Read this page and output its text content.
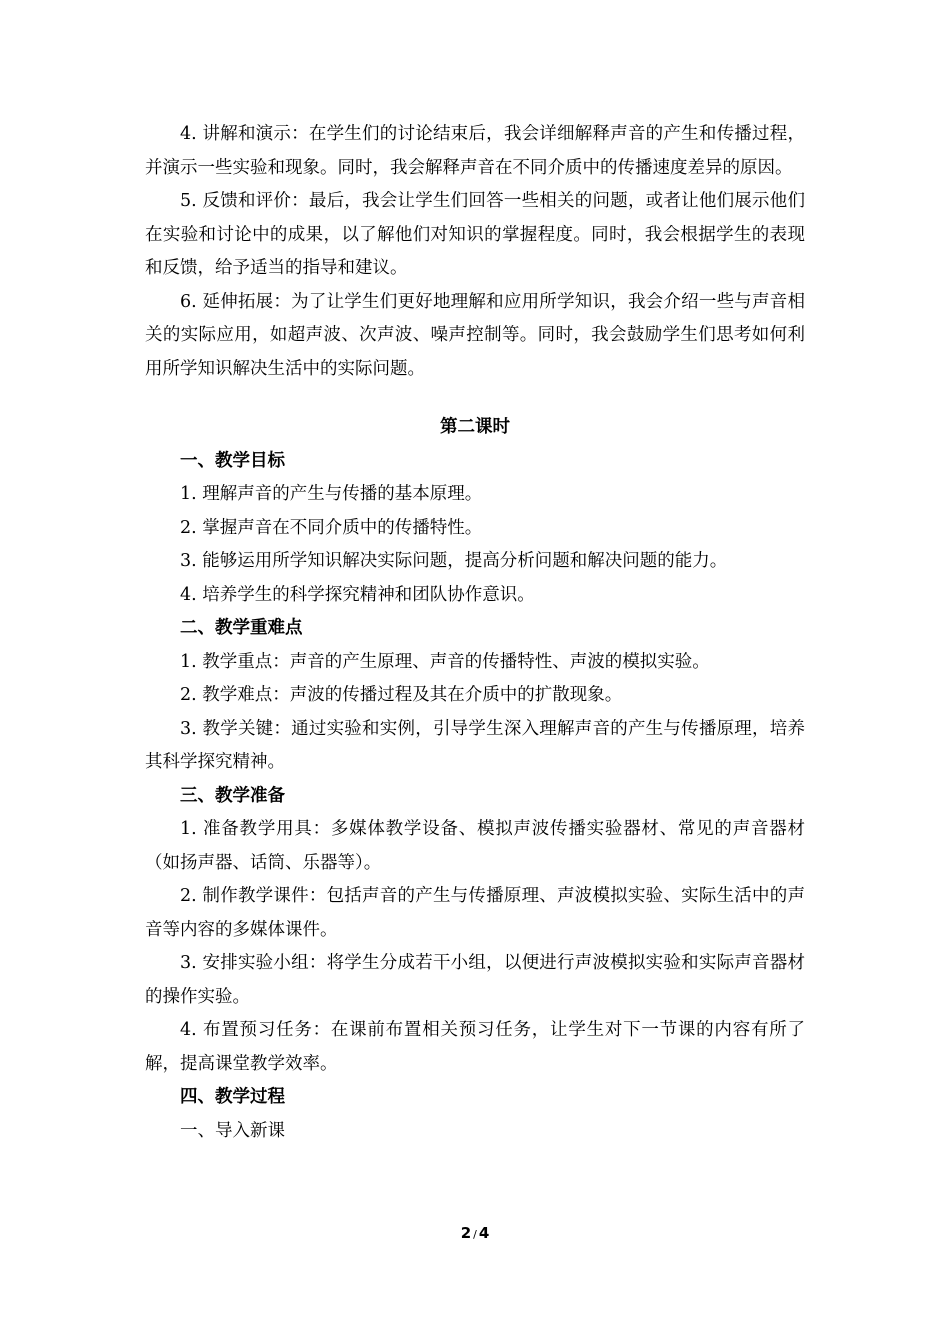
4. 讲解和演示：在学生们的讨论结束后，我会详细解释声音的产生和传播过程，并演示一些实验和现象。同时，我会解释声音在不同介质中的传播速度差异的原因。

5. 反馈和评价：最后，我会让学生们回答一些相关的问题，或者让他们展示他们在实验和讨论中的成果，以了解他们对知识的掌握程度。同时，我会根据学生的表现和反馈，给予适当的指导和建议。

6. 延伸拓展：为了让学生们更好地理解和应用所学知识，我会介绍一些与声音相关的实际应用，如超声波、次声波、噪声控制等。同时，我会鼓励学生们思考如何利用所学知识解决生活中的实际问题。

第二课时

一、教学目标

1. 理解声音的产生与传播的基本原理。

2. 掌握声音在不同介质中的传播特性。

3. 能够运用所学知识解决实际问题，提高分析问题和解决问题的能力。

4. 培养学生的科学探究精神和团队协作意识。

二、教学重难点

1. 教学重点：声音的产生原理、声音的传播特性、声波的模拟实验。

2. 教学难点：声波的传播过程及其在介质中的扩散现象。

3. 教学关键：通过实验和实例，引导学生深入理解声音的产生与传播原理，培养其科学探究精神。

三、教学准备

1. 准备教学用具：多媒体教学设备、模拟声波传播实验器材、常见的声音器材（如扬声器、话筒、乐器等）。

2. 制作教学课件：包括声音的产生与传播原理、声波模拟实验、实际生活中的声音等内容的多媒体课件。

3. 安排实验小组：将学生分成若干小组，以便进行声波模拟实验和实际声音器材的操作实验。

4. 布置预习任务：在课前布置相关预习任务，让学生对下一节课的内容有所了解，提高课堂教学效率。

四、教学过程

一、导入新课

2 / 4
